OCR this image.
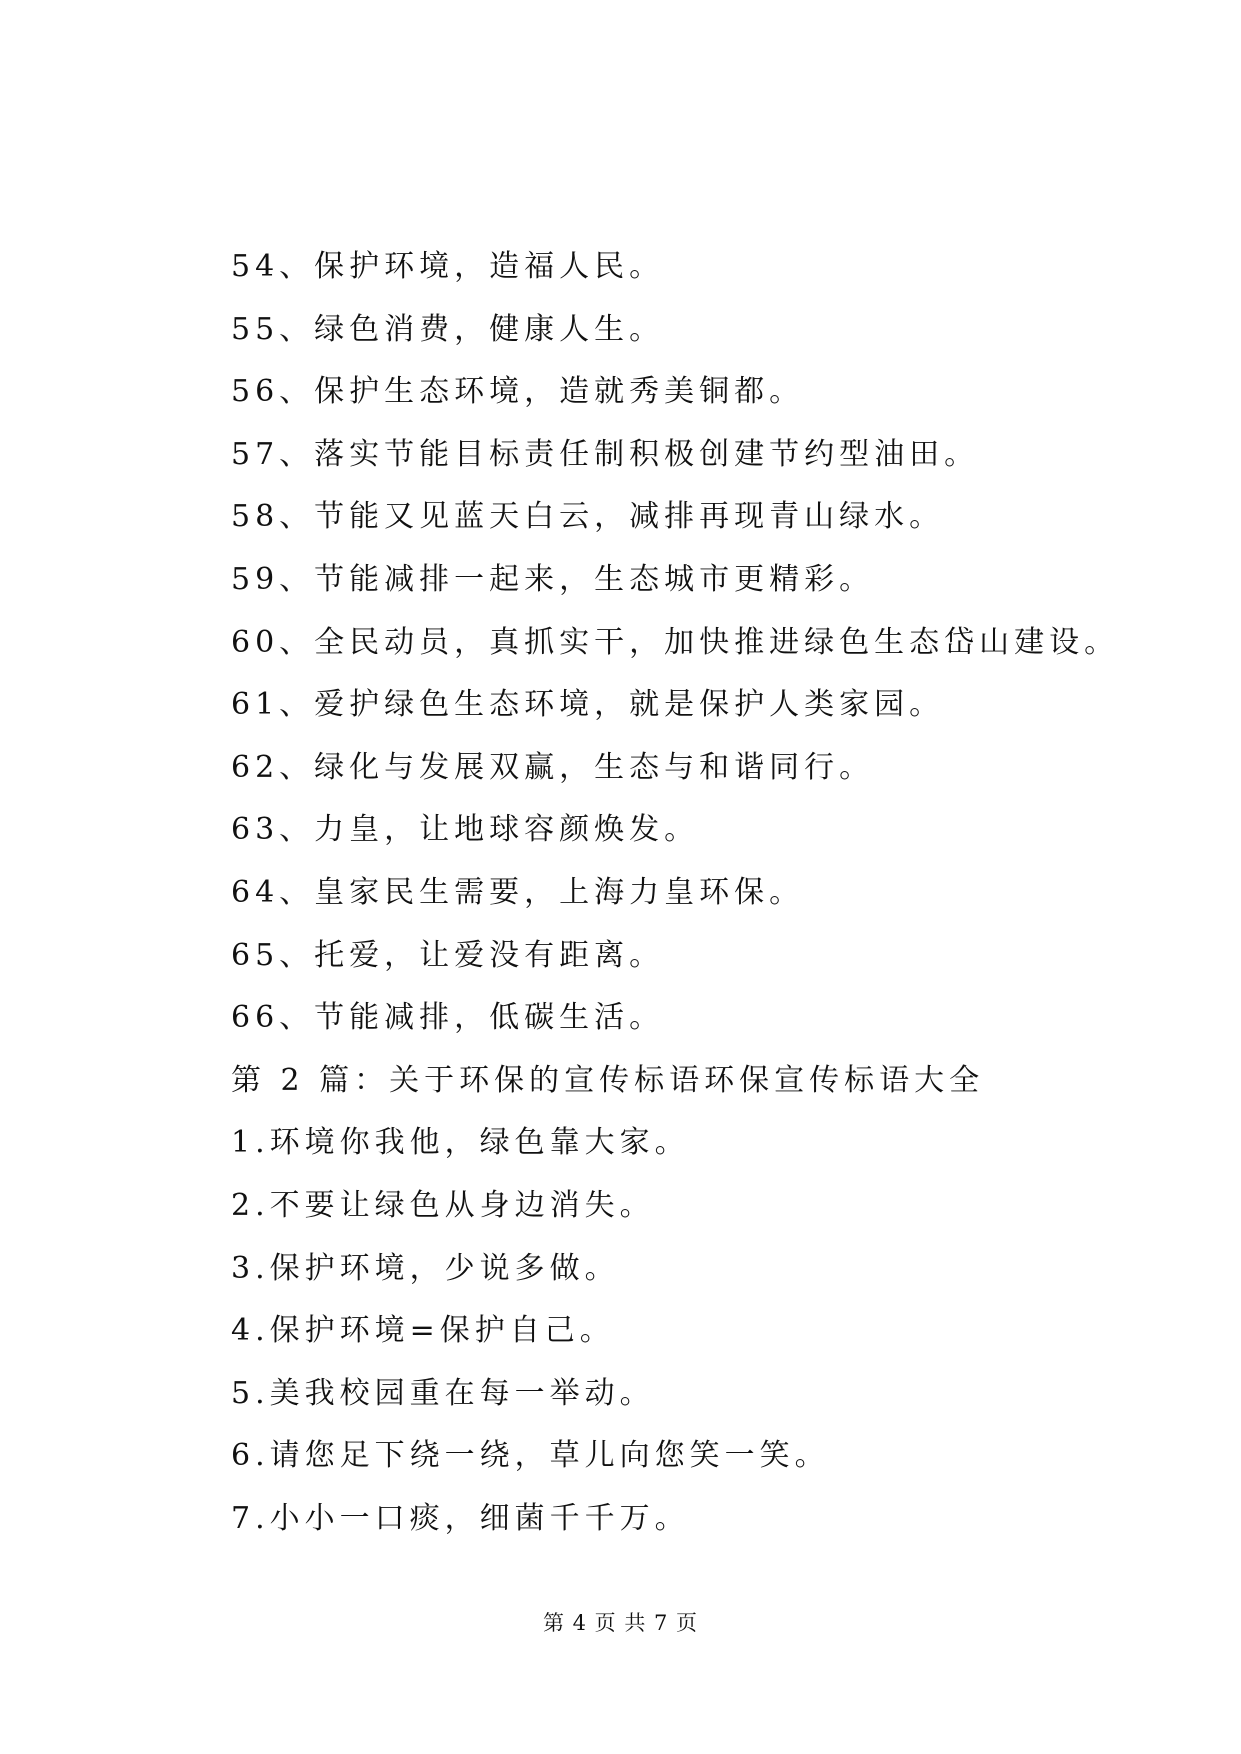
54、保护环境，造福人民。
55、绿色消费，健康人生。
56、保护生态环境，造就秀美铜都。
57、落实节能目标责任制积极创建节约型油田。
58、节能又见蓝天白云，减排再现青山绿水。
59、节能减排一起来，生态城市更精彩。
60、全民动员，真抓实干，加快推进绿色生态岱山建设。
61、爱护绿色生态环境，就是保护人类家园。
62、绿化与发展双赢，生态与和谐同行。
63、力皇，让地球容颜焕发。
64、皇家民生需要，上海力皇环保。
65、托爱，让爱没有距离。
66、节能减排，低碳生活。
第 2 篇：关于环保的宣传标语环保宣传标语大全
1.环境你我他，绿色靠大家。
2.不要让绿色从身边消失。
3.保护环境，少说多做。
4.保护环境=保护自己。
5.美我校园重在每一举动。
6.请您足下绕一绕，草儿向您笑一笑。
7.小小一口痰，细菌千千万。
第 4 页 共 7 页
